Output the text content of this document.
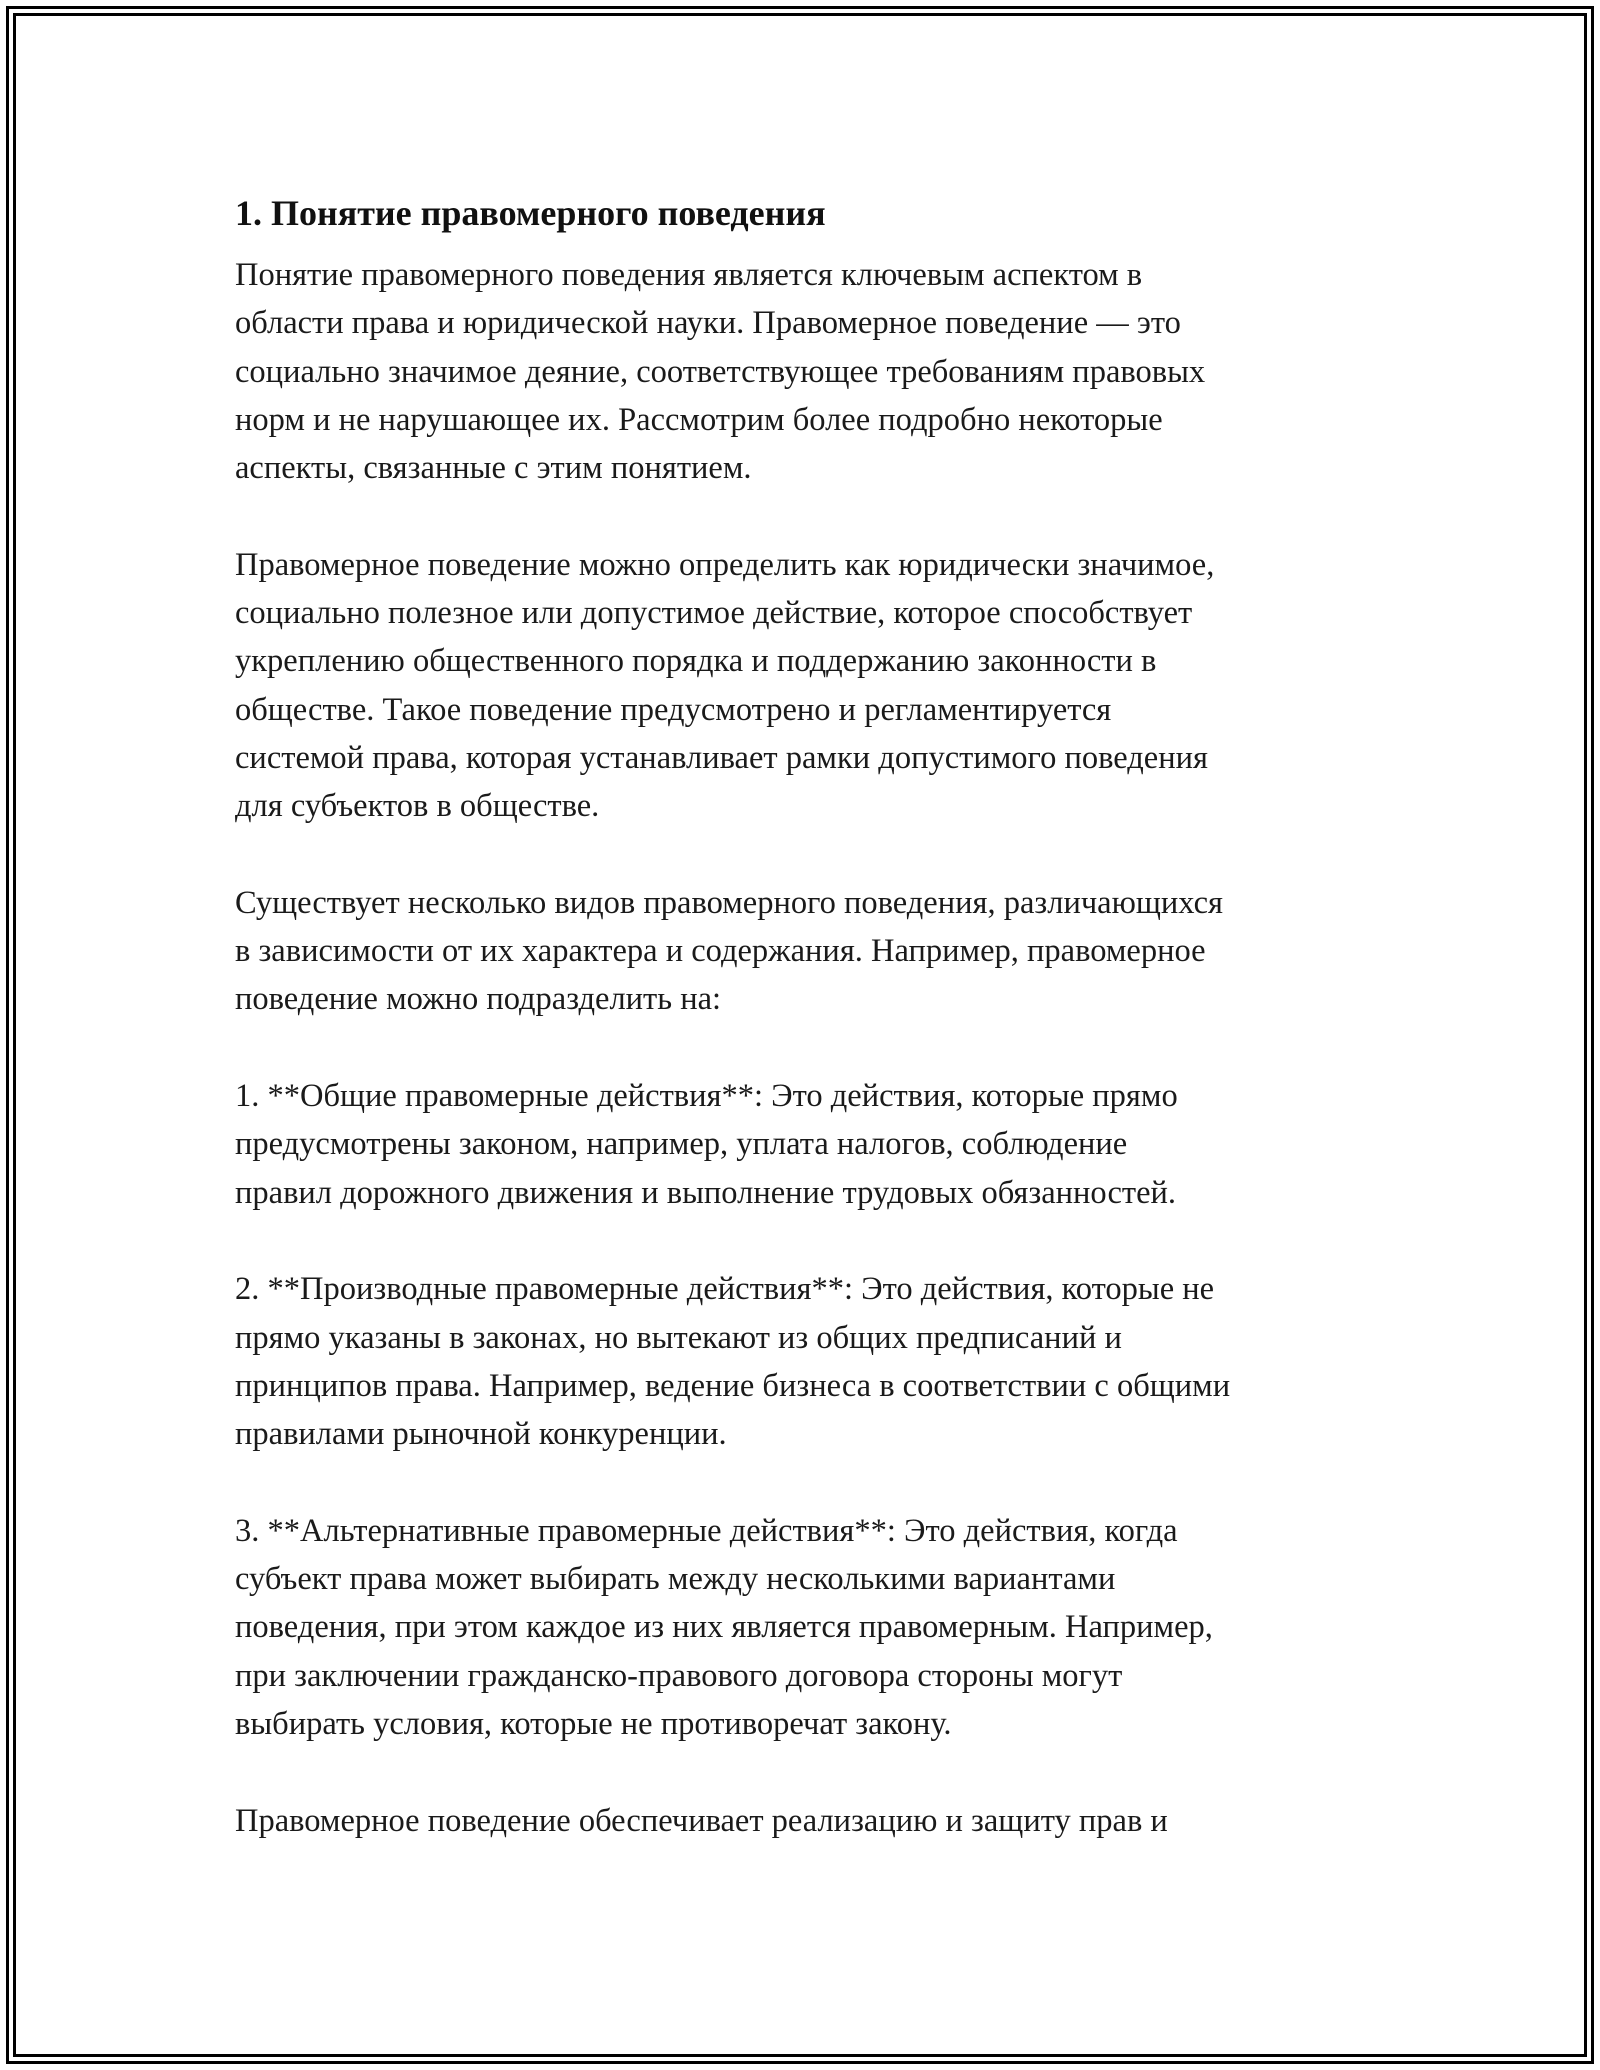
1. Понятие правомерного поведения

Понятие правомерного поведения является ключевым аспектом в
области права и юридической науки. Правомерное поведение — это
социально значимое деяние, соответствующее требованиям правовых
норм и не нарушающее их. Рассмотрим более подробно некоторые
аспекты, связанные с этим понятием.

Правомерное поведение можно определить как юридически значимое,
социально полезное или допустимое действие, которое способствует
укреплению общественного порядка и поддержанию законности в
обществе. Такое поведение предусмотрено и регламентируется
системой права, которая устанавливает рамки допустимого поведения
для субъектов в обществе.

Существует несколько видов правомерного поведения, различающихся
в зависимости от их характера и содержания. Например, правомерное
поведение можно подразделить на:

1. **Общие правомерные действия**: Это действия, которые прямо
предусмотрены законом, например, уплата налогов, соблюдение
правил дорожного движения и выполнение трудовых обязанностей.

2. **Производные правомерные действия**: Это действия, которые не
прямо указаны в законах, но вытекают из общих предписаний и
принципов права. Например, ведение бизнеса в соответствии с общими
правилами рыночной конкуренции.

3. **Альтернативные правомерные действия**: Это действия, когда
субъект права может выбирать между несколькими вариантами
поведения, при этом каждое из них является правомерным. Например,
при заключении гражданско-правового договора стороны могут
выбирать условия, которые не противоречат закону.

Правомерное поведение обеспечивает реализацию и защиту прав и
